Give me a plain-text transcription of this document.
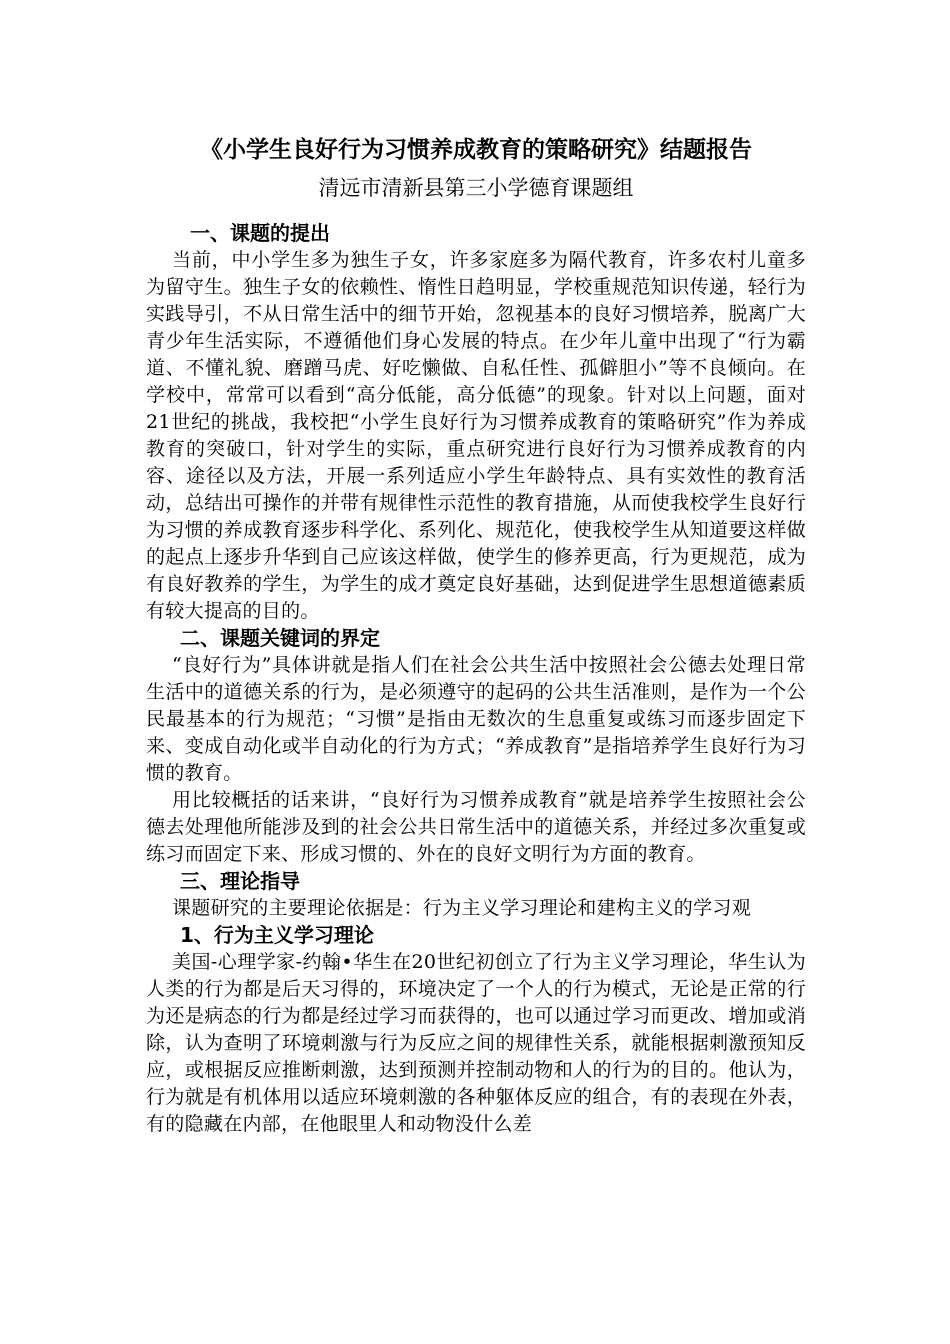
《小学生良好行为习惯养成教育的策略研究》结题报告
清远市清新县第三小学德育课题组
一、课题的提出

当前，中小学生多为独生子女，许多家庭多为隔代教育，许多农村儿童多为留守生。独生子女的依赖性、惰性日趋明显，学校重规范知识传递，轻行为实践导引，不从日常生活中的细节开始，忽视基本的良好习惯培养，脱离广大青少年生活实际，不遵循他们身心发展的特点。在少年儿童中出现了“行为霸道、不懂礼貌、磨蹭马虎、好吃懒做、自私任性、孤僻胆小”等不良倾向。在学校中，常常可以看到“高分低能，高分低德”的现象。针对以上问题，面对21世纪的挑战，我校把“小学生良好行为习惯养成教育的策略研究”作为养成教育的突破口，针对学生的实际，重点研究进行良好行为习惯养成教育的内容、途径以及方法，开展一系列适应小学生年龄特点、具有实效性的教育活动，总结出可操作的并带有规律性示范性的教育措施，从而使我校学生良好行为习惯的养成教育逐步科学化、系列化、规范化，使我校学生从知道要这样做的起点上逐步升华到自己应该这样做，使学生的修养更高，行为更规范，成为有良好教养的学生，为学生的成才奠定良好基础，达到促进学生思想道德素质有较大提高的目的。

二、课题关键词的界定

“良好行为”具体讲就是指人们在社会公共生活中按照社会公德去处理日常生活中的道德关系的行为，是必须遵守的起码的公共生活准则，是作为一个公民最基本的行为规范；“习惯”是指由无数次的生息重复或练习而逐步固定下来、变成自动化或半自动化的行为方式；“养成教育”是指培养学生良好行为习惯的教育。

用比较概括的话来讲，“良好行为习惯养成教育”就是培养学生按照社会公德去处理他所能涉及到的社会公共日常生活中的道德关系，并经过多次重复或练习而固定下来、形成习惯的、外在的良好文明行为方面的教育。

三、理论指导

课题研究的主要理论依据是：行为主义学习理论和建构主义的学习观

1、行为主义学习理论

美国-心理学家-约翰•华生在20世纪初创立了行为主义学习理论，华生认为人类的行为都是后天习得的，环境决定了一个人的行为模式，无论是正常的行为还是病态的行为都是经过学习而获得的，也可以通过学习而更改、增加或消除，认为查明了环境刺激与行为反应之间的规律性关系，就能根据刺激预知反应，或根据反应推断刺激，达到预测并控制动物和人的行为的目的。他认为，行为就是有机体用以适应环境刺激的各种躯体反应的组合，有的表现在外表，有的隐藏在内部，在他眼里人和动物没什么差
